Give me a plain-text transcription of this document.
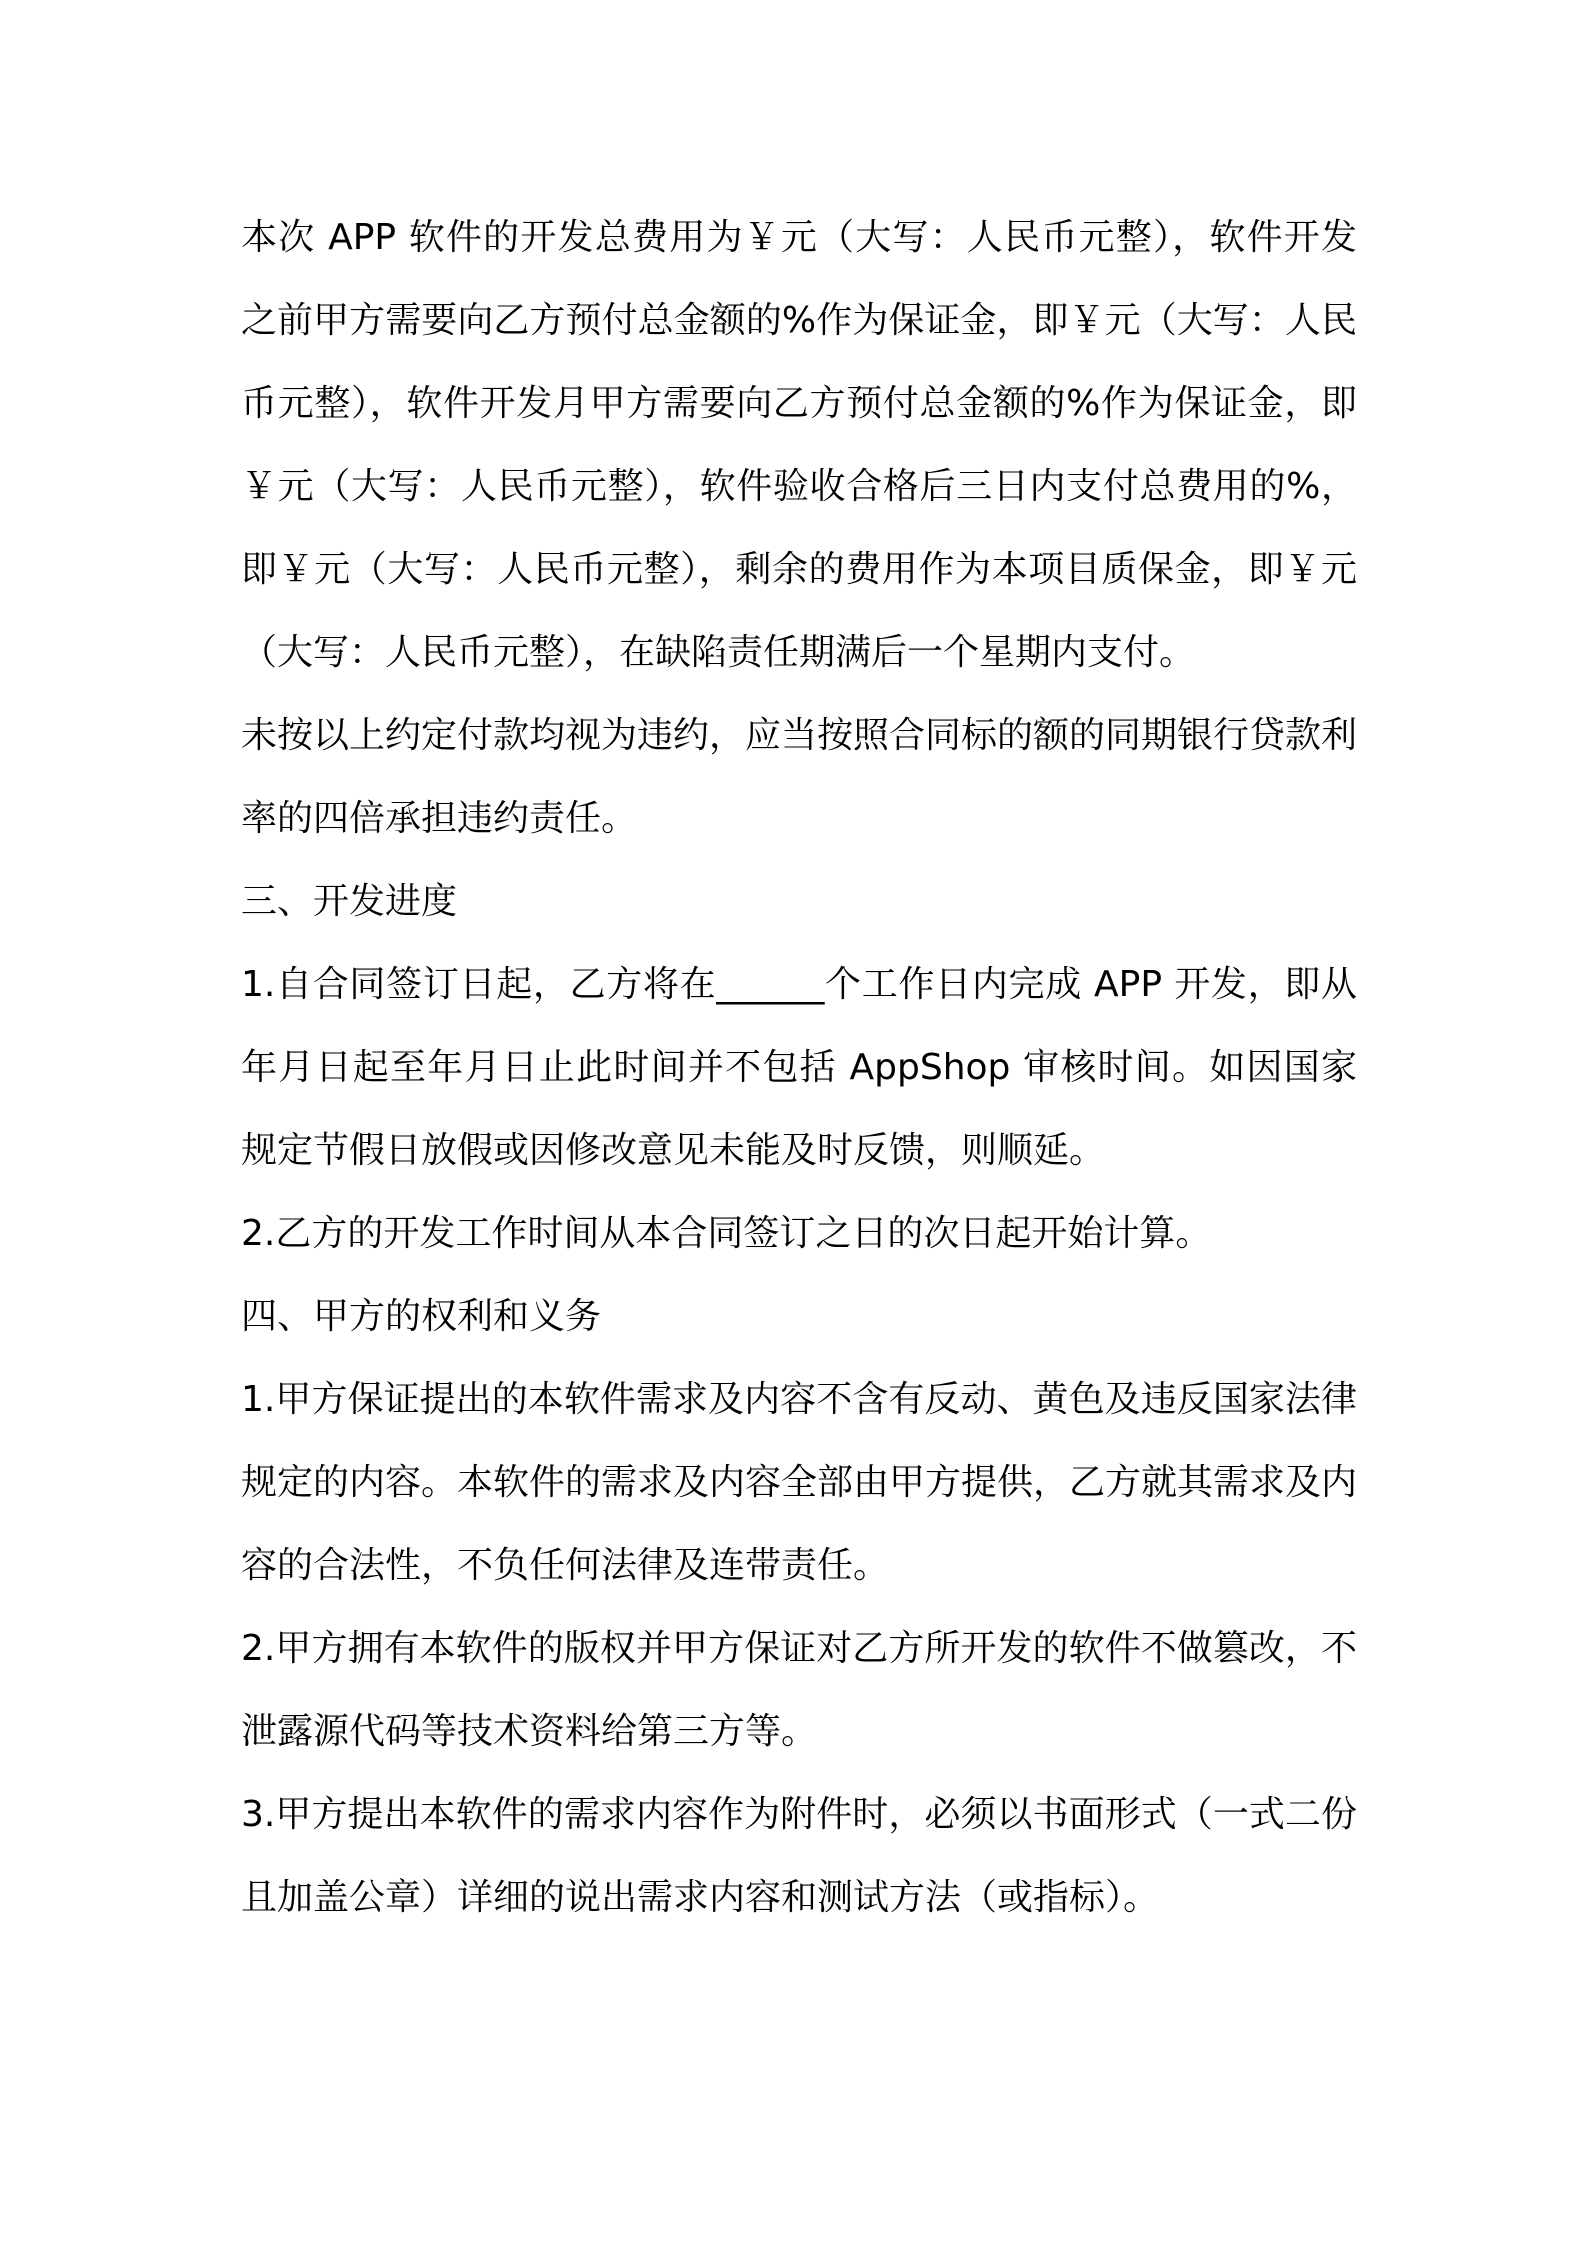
本次 APP 软件的开发总费用为￥元（大写：人民币元整），软件开发之前甲方需要向乙方预付总金额的%作为保证金，即￥元（大写：人民币元整），软件开发月甲方需要向乙方预付总金额的%作为保证金，即￥元（大写：人民币元整），软件验收合格后三日内支付总费用的%，即￥元（大写：人民币元整），剩余的费用作为本项目质保金，即￥元（大写：人民币元整），在缺陷责任期满后一个星期内支付。

未按以上约定付款均视为违约，应当按照合同标的额的同期银行贷款利率的四倍承担违约责任。

三、开发进度

1.自合同签订日起，乙方将在______个工作日内完成 APP 开发，即从年月日起至年月日止此时间并不包括 AppShop 审核时间。如因国家规定节假日放假或因修改意见未能及时反馈，则顺延。

2.乙方的开发工作时间从本合同签订之日的次日起开始计算。

四、甲方的权利和义务

1.甲方保证提出的本软件需求及内容不含有反动、黄色及违反国家法律规定的内容。本软件的需求及内容全部由甲方提供，乙方就其需求及内容的合法性，不负任何法律及连带责任。

2.甲方拥有本软件的版权并甲方保证对乙方所开发的软件不做篡改，不泄露源代码等技术资料给第三方等。

3.甲方提出本软件的需求内容作为附件时，必须以书面形式（一式二份且加盖公章）详细的说出需求内容和测试方法（或指标）。
